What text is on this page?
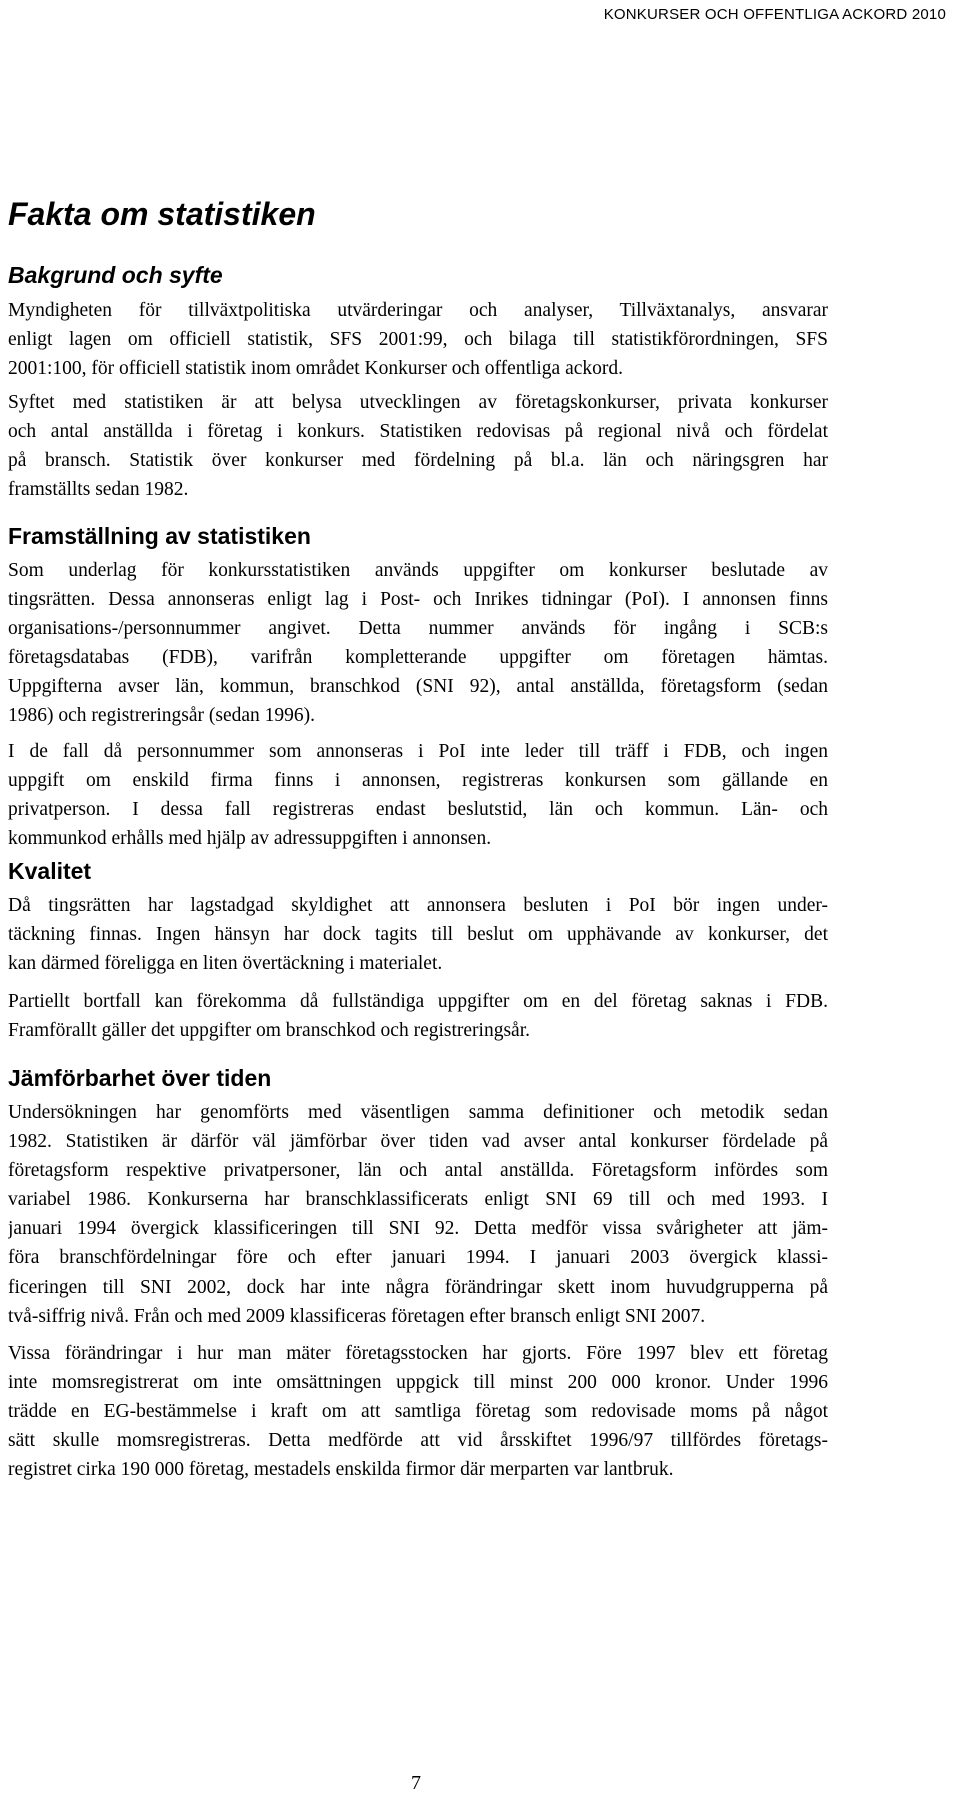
KONKURSER OCH OFFENTLIGA ACKORD 2010
Fakta om statistiken
Bakgrund och syfte
Myndigheten för tillväxtpolitiska utvärderingar och analyser, Tillväxtanalys, ansvarar
enligt lagen om officiell statistik, SFS 2001:99, och bilaga till statistikförordningen, SFS
2001:100, för officiell statistik inom området Konkurser och offentliga ackord.
Syftet med statistiken är att belysa utvecklingen av företagskonkurser, privata konkurser
och antal anställda i företag i konkurs. Statistiken redovisas på regional nivå och fördelat
på bransch. Statistik över konkurser med fördelning på bl.a. län och näringsgren har
framställts sedan 1982.
Framställning av statistiken
Som underlag för konkursstatistiken används uppgifter om konkurser beslutade av
tingsrätten. Dessa annonseras enligt lag i Post- och Inrikes tidningar (PoI). I annonsen finns
organisations-/personnummer angivet. Detta nummer används för ingång i SCB:s
företagsdatabas (FDB), varifrån kompletterande uppgifter om företagen hämtas.
Uppgifterna avser län, kommun, branschkod (SNI 92), antal anställda, företagsform (sedan
1986) och registreringsår (sedan 1996).
I de fall då personnummer som annonseras i PoI inte leder till träff i FDB, och ingen
uppgift om enskild firma finns i annonsen, registreras konkursen som gällande en
privatperson. I dessa fall registreras endast beslutstid, län och kommun. Län- och
kommunkod erhålls med hjälp av adressuppgiften i annonsen.
Kvalitet
Då tingsrätten har lagstadgad skyldighet att annonsera besluten i PoI bör ingen under-
täckning finnas. Ingen hänsyn har dock tagits till beslut om upphävande av konkurser, det
kan därmed föreligga en liten övertäckning i materialet.
Partiellt bortfall kan förekomma då fullständiga uppgifter om en del företag saknas i FDB.
Framförallt gäller det uppgifter om branschkod och registreringsår.
Jämförbarhet över tiden
Undersökningen har genomförts med väsentligen samma definitioner och metodik sedan
1982. Statistiken är därför väl jämförbar över tiden vad avser antal konkurser fördelade på
företagsform respektive privatpersoner, län och antal anställda. Företagsform infördes som
variabel 1986. Konkurserna har branschklassificerats enligt SNI 69 till och med 1993. I
januari 1994 övergick klassificeringen till SNI 92. Detta medför vissa svårigheter att jäm-
föra branschfördelningar före och efter januari 1994. I januari 2003 övergick klassi-
ficeringen till SNI 2002, dock har inte några förändringar skett inom huvudgrupperna på
två-siffrig nivå. Från och med 2009 klassificeras företagen efter bransch enligt SNI 2007.
Vissa förändringar i hur man mäter företagsstocken har gjorts. Före 1997 blev ett företag
inte momsregistrerat om inte omsättningen uppgick till minst 200 000 kronor. Under 1996
trädde en EG-bestämmelse i kraft om att samtliga företag som redovisade moms på något
sätt skulle momsregistreras. Detta medförde att vid årsskiftet 1996/97 tillfördes företags-
registret cirka 190 000 företag, mestadels enskilda firmor där merparten var lantbruk.
7
